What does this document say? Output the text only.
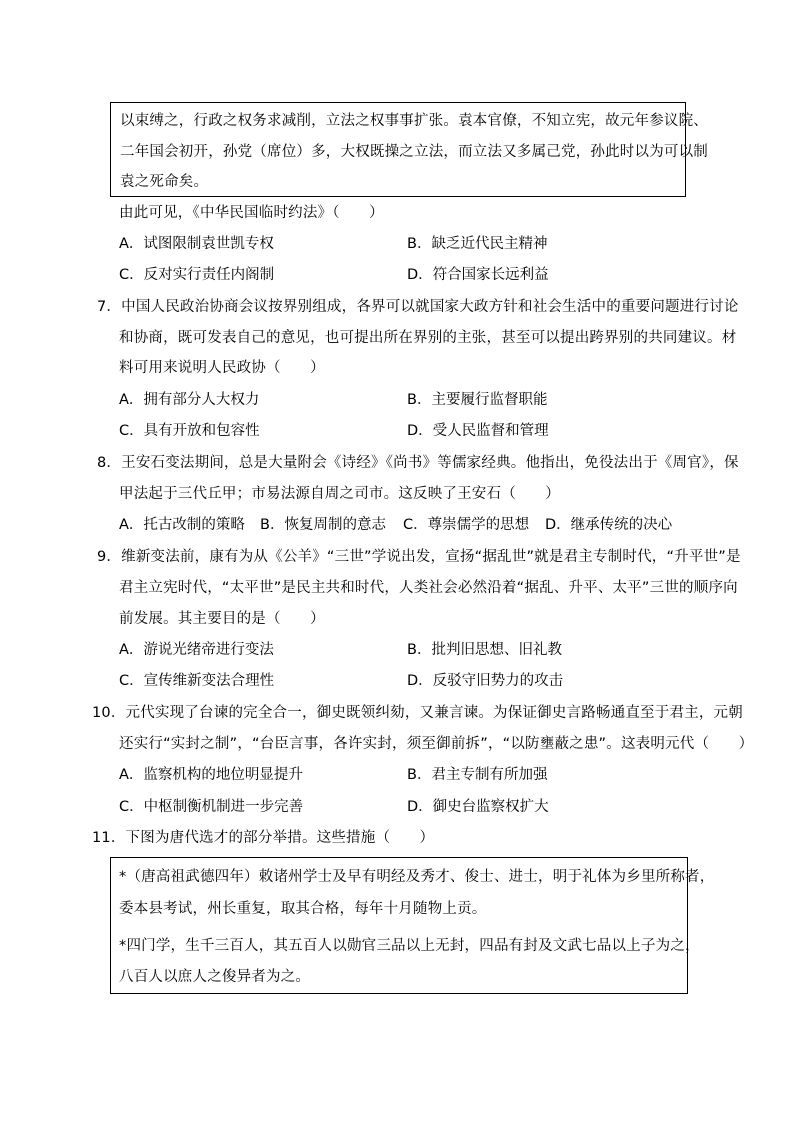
以束缚之，行政之权务求减削，立法之权事事扩张。袁本官僚，不知立宪，故元年参议院、
二年国会初开，孙党（席位）多，大权既操之立法，而立法又多属己党，孙此时以为可以制
袁之死命矣。
由此可见，《中华民国临时约法》（　　）
A．试图限制袁世凯专权	B．缺乏近代民主精神
C．反对实行责任内阁制	D．符合国家长远利益
7．中国人民政治协商会议按界别组成，各界可以就国家大政方针和社会生活中的重要问题进行讨论
和协商，既可发表自己的意见，也可提出所在界别的主张，甚至可以提出跨界别的共同建议。材
料可用来说明人民政协（　　）
A．拥有部分人大权力	B．主要履行监督职能
C．具有开放和包容性	D．受人民监督和管理
8．王安石变法期间，总是大量附会《诗经》《尚书》等儒家经典。他指出，免役法出于《周官》，保
甲法起于三代丘甲；市易法源自周之司市。这反映了王安石（　　）
A．托古改制的策略 B．恢复周制的意志 C．尊崇儒学的思想 D．继承传统的决心
9．维新变法前，康有为从《公羊》“三世”学说出发，宣扬“据乱世”就是君主专制时代，“升平世”是
君主立宪时代，“太平世”是民主共和时代，人类社会必然沿着“据乱、升平、太平”三世的顺序向
前发展。其主要目的是（　　）
A．游说光绪帝进行变法	B．批判旧思想、旧礼教
C．宣传维新变法合理性	D．反驳守旧势力的攻击
10．元代实现了台谏的完全合一，御史既领纠劾，又兼言谏。为保证御史言路畅通直至于君主，元朝
还实行“实封之制”，“台臣言事，各许实封，须至御前拆”，“以防壅蔽之患”。这表明元代（　　）
A．监察机构的地位明显提升	B．君主专制有所加强
C．中枢制衡机制进一步完善	D．御史台监察权扩大
11．下图为唐代选才的部分举措。这些措施（　　）
*（唐高祖武德四年）敕诸州学士及早有明经及秀才、俊士、进士，明于礼体为乡里所称者，
委本县考试，州长重复，取其合格，每年十月随物上贡。
*四门学，生千三百人，其五百人以勋官三品以上无封，四品有封及文武七品以上子为之，
八百人以庶人之俊异者为之。
